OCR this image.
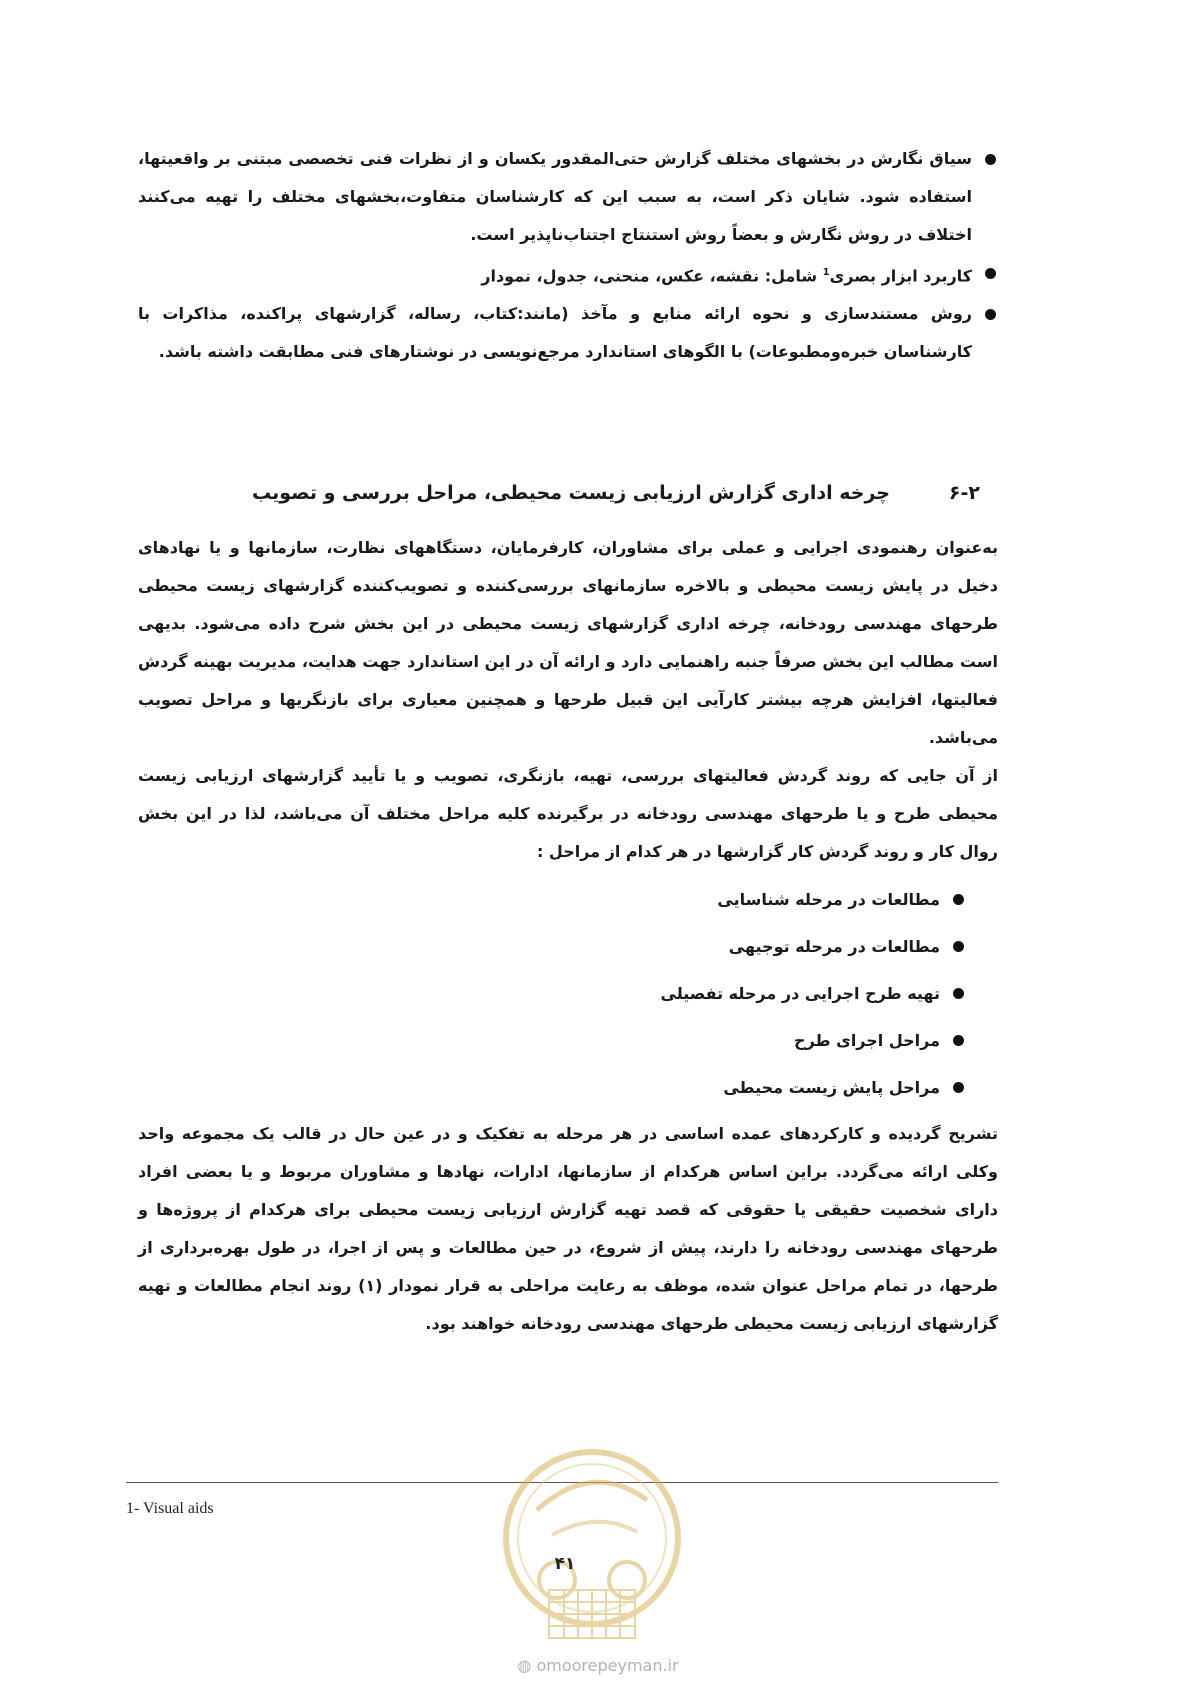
سیاق نگارش در بخشهای مختلف گزارش حتی‌المقدور یکسان و از نظرات فنی تخصصی مبتنی بر واقعیتها، استفاده شود. شایان ذکر است، به سبب این که کارشناسان متفاوت،بخشهای مختلف را تهیه می‌کنند اختلاف در روش نگارش و بعضاً روش استنتاج اجتناب‌ناپذیر است.
کاربرد ابزار بصری$^1$ شامل: نقشه، عکس، منحنی، جدول، نمودار
روش مستندسازی و نحوه ارائه منابع و مآخذ (مانند:کتاب، رساله، گزارشهای پراکنده، مذاکرات با کارشناسان خبره‌ومطبوعات) با الگوهای استاندارد مرجع‌نویسی در نوشتارهای فنی مطابقت داشته باشد.
۶-۲چرخه اداری گزارش ارزیابی زیست محیطی، مراحل بررسی و تصویب

به‌عنوان رهنمودی اجرایی و عملی برای مشاوران، کارفرمایان، دستگاههای نظارت، سازمانها و یا نهادهای دخیل در پایش زیست محیطی و بالاخره سازمانهای بررسی‌کننده و تصویب‌کننده گزارشهای زیست محیطی طرحهای مهندسی رودخانه، چرخه اداری گزارشهای زیست محیطی در این بخش شرح داده می‌شود. بدیهی است مطالب این بخش صرفاً جنبه راهنمایی دارد و ارائه آن در این استاندارد جهت هدایت، مدیریت بهینه گردش فعالیتها، افزایش هرچه بیشتر کارآیی این قبیل طرحها و همچنین معیاری برای بازنگریها و مراحل تصویب می‌باشد.

از آن جایی که روند گردش فعالیتهای بررسی، تهیه، بازنگری، تصویب و یا تأیید گزارشهای ارزیابی زیست محیطی طرح و یا طرحهای مهندسی رودخانه در برگیرنده کلیه مراحل مختلف آن می‌باشد، لذا در این بخش روال کار و روند گردش کار گزارشها در هر کدام از مراحل :

مطالعات در مرحله شناسایی
مطالعات در مرحله توجیهی
تهیه طرح اجرایی در مرحله تفصیلی
مراحل اجرای طرح
مراحل پایش زیست محیطی

تشریح گردیده و کارکردهای عمده اساسی در هر مرحله به تفکیک و در عین حال در قالب یک مجموعه واحد وکلی ارائه می‌گردد. براین اساس هرکدام از سازمانها، ادارات، نهادها و مشاوران مربوط و یا بعضی افراد دارای شخصیت حقیقی یا حقوقی که قصد تهیه گزارش ارزیابی زیست محیطی برای هرکدام از پروژه‌ها و طرحهای مهندسی رودخانه را دارند، پیش از شروع، در حین مطالعات و پس از اجرا، در طول بهره‌برداری از طرحها، در تمام مراحل عنوان شده، موظف به رعایت مراحلی به قرار نمودار (۱) روند انجام مطالعات و تهیه گزارشهای ارزیابی زیست محیطی طرحهای مهندسی رودخانه خواهند بود.

1- Visual aids
۴۱
◍ omoorepeyman.ir
